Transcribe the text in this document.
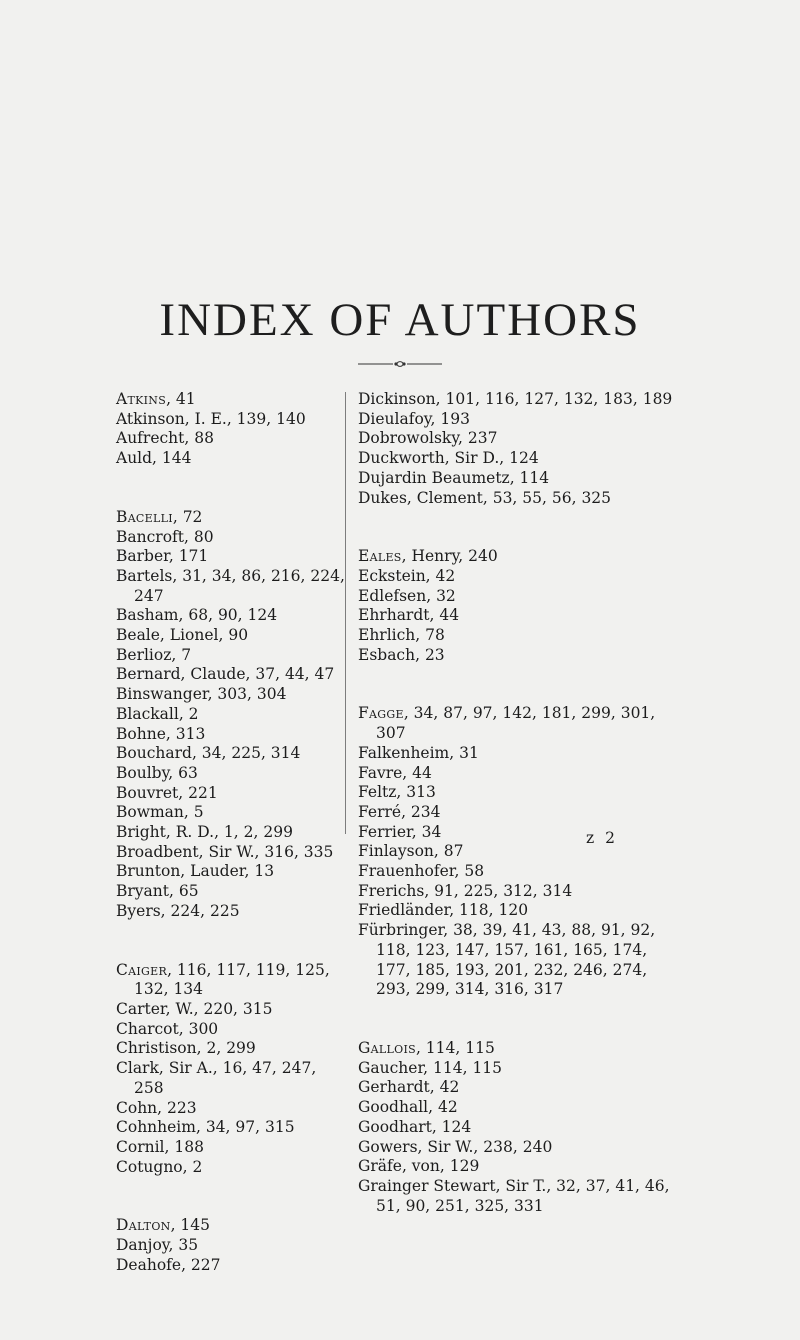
INDEX OF AUTHORS
Atkins, 41
Atkinson, I. E., 139, 140
Aufrecht, 88
Auld, 144
Bacelli, 72
Bancroft, 80
Barber, 171
Bartels, 31, 34, 86, 216, 224, 247
Basham, 68, 90, 124
Beale, Lionel, 90
Berlioz, 7
Bernard, Claude, 37, 44, 47
Binswanger, 303, 304
Blackall, 2
Bohne, 313
Bouchard, 34, 225, 314
Boulby, 63
Bouvret, 221
Bowman, 5
Bright, R. D., 1, 2, 299
Broadbent, Sir W., 316, 335
Brunton, Lauder, 13
Bryant, 65
Byers, 224, 225
Caiger, 116, 117, 119, 125, 132, 134
Carter, W., 220, 315
Charcot, 300
Christison, 2, 299
Clark, Sir A., 16, 47, 247, 258
Cohn, 223
Cohnheim, 34, 97, 315
Cornil, 188
Cotugno, 2
Dalton, 145
Danjoy, 35
Deahofe, 227
Dickinson, 101, 116, 127, 132, 183, 189
Dieulafoy, 193
Dobrowolsky, 237
Duckworth, Sir D., 124
Dujardin Beaumetz, 114
Dukes, Clement, 53, 55, 56, 325
Eales, Henry, 240
Eckstein, 42
Edlefsen, 32
Ehrhardt, 44
Ehrlich, 78
Esbach, 23
Fagge, 34, 87, 97, 142, 181, 299, 301, 307
Falkenheim, 31
Favre, 44
Feltz, 313
Ferré, 234
Ferrier, 34
Finlayson, 87
Frauenhofer, 58
Frerichs, 91, 225, 312, 314
Friedländer, 118, 120
Fürbringer, 38, 39, 41, 43, 88, 91, 92, 118, 123, 147, 157, 161, 165, 174, 177, 185, 193, 201, 232, 246, 274, 293, 299, 314, 316, 317
Gallois, 114, 115
Gaucher, 114, 115
Gerhardt, 42
Goodhall, 42
Goodhart, 124
Gowers, Sir W., 238, 240
Gräfe, von, 129
Grainger Stewart, Sir T., 32, 37, 41, 46, 51, 90, 251, 325, 331
z 2
